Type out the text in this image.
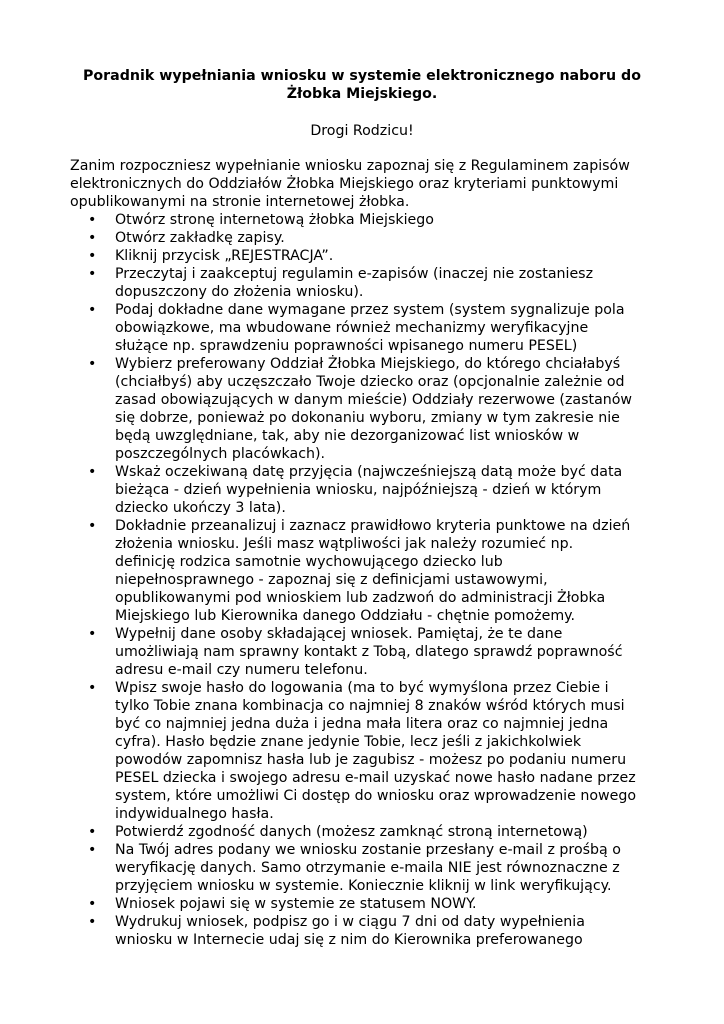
Poradnik wypełniania wniosku w systemie elektronicznego naboru do
Żłobka Miejskiego.
Drogi Rodzicu!
Zanim rozpoczniesz wypełnianie wniosku zapoznaj się z Regulaminem zapisów
elektronicznych do Oddziałów Żłobka Miejskiego oraz kryteriami punktowymi
opublikowanymi na stronie internetowej żłobka.
• Otwórz stronę internetową żłobka Miejskiego
• Otwórz zakładkę zapisy.
• Kliknij przycisk „REJESTRACJA”.
• Przeczytaj i zaakceptuj regulamin e-zapisów (inaczej nie zostaniesz
dopuszczony do złożenia wniosku).
• Podaj dokładne dane wymagane przez system (system sygnalizuje pola
obowiązkowe, ma wbudowane również mechanizmy weryfikacyjne
służące np. sprawdzeniu poprawności wpisanego numeru PESEL)
• Wybierz preferowany Oddział Żłobka Miejskiego, do którego chciałabyś
(chciałbyś) aby uczęszczało Twoje dziecko oraz (opcjonalnie zależnie od
zasad obowiązujących w danym mieście) Oddziały rezerwowe (zastanów
się dobrze, ponieważ po dokonaniu wyboru, zmiany w tym zakresie nie
będą uwzględniane, tak, aby nie dezorganizować list wniosków w
poszczególnych placówkach).
• Wskaż oczekiwaną datę przyjęcia (najwcześniejszą datą może być data
bieżąca - dzień wypełnienia wniosku, najpóźniejszą - dzień w którym
dziecko ukończy 3 lata).
• Dokładnie przeanalizuj i zaznacz prawidłowo kryteria punktowe na dzień
złożenia wniosku. Jeśli masz wątpliwości jak należy rozumieć np.
definicję rodzica samotnie wychowującego dziecko lub
niepełnosprawnego - zapoznaj się z definicjami ustawowymi,
opublikowanymi pod wnioskiem lub zadzwoń do administracji Żłobka
Miejskiego lub Kierownika danego Oddziału - chętnie pomożemy.
• Wypełnij dane osoby składającej wniosek. Pamiętaj, że te dane
umożliwiają nam sprawny kontakt z Tobą, dlatego sprawdź poprawność
adresu e-mail czy numeru telefonu.
• Wpisz swoje hasło do logowania (ma to być wymyślona przez Ciebie i
tylko Tobie znana kombinacja co najmniej 8 znaków wśród których musi
być co najmniej jedna duża i jedna mała litera oraz co najmniej jedna
cyfra). Hasło będzie znane jedynie Tobie, lecz jeśli z jakichkolwiek
powodów zapomnisz hasła lub je zagubisz - możesz po podaniu numeru
PESEL dziecka i swojego adresu e-mail uzyskać nowe hasło nadane przez
system, które umożliwi Ci dostęp do wniosku oraz wprowadzenie nowego
indywidualnego hasła.
• Potwierdź zgodność danych (możesz zamknąć stroną internetową)
• Na Twój adres podany we wniosku zostanie przesłany e-mail z prośbą o
weryfikację danych. Samo otrzymanie e-maila NIE jest równoznaczne z
przyjęciem wniosku w systemie. Koniecznie kliknij w link weryfikujący.
• Wniosek pojawi się w systemie ze statusem NOWY.
• Wydrukuj wniosek, podpisz go i w ciągu 7 dni od daty wypełnienia
wniosku w Internecie udaj się z nim do Kierownika preferowanego
